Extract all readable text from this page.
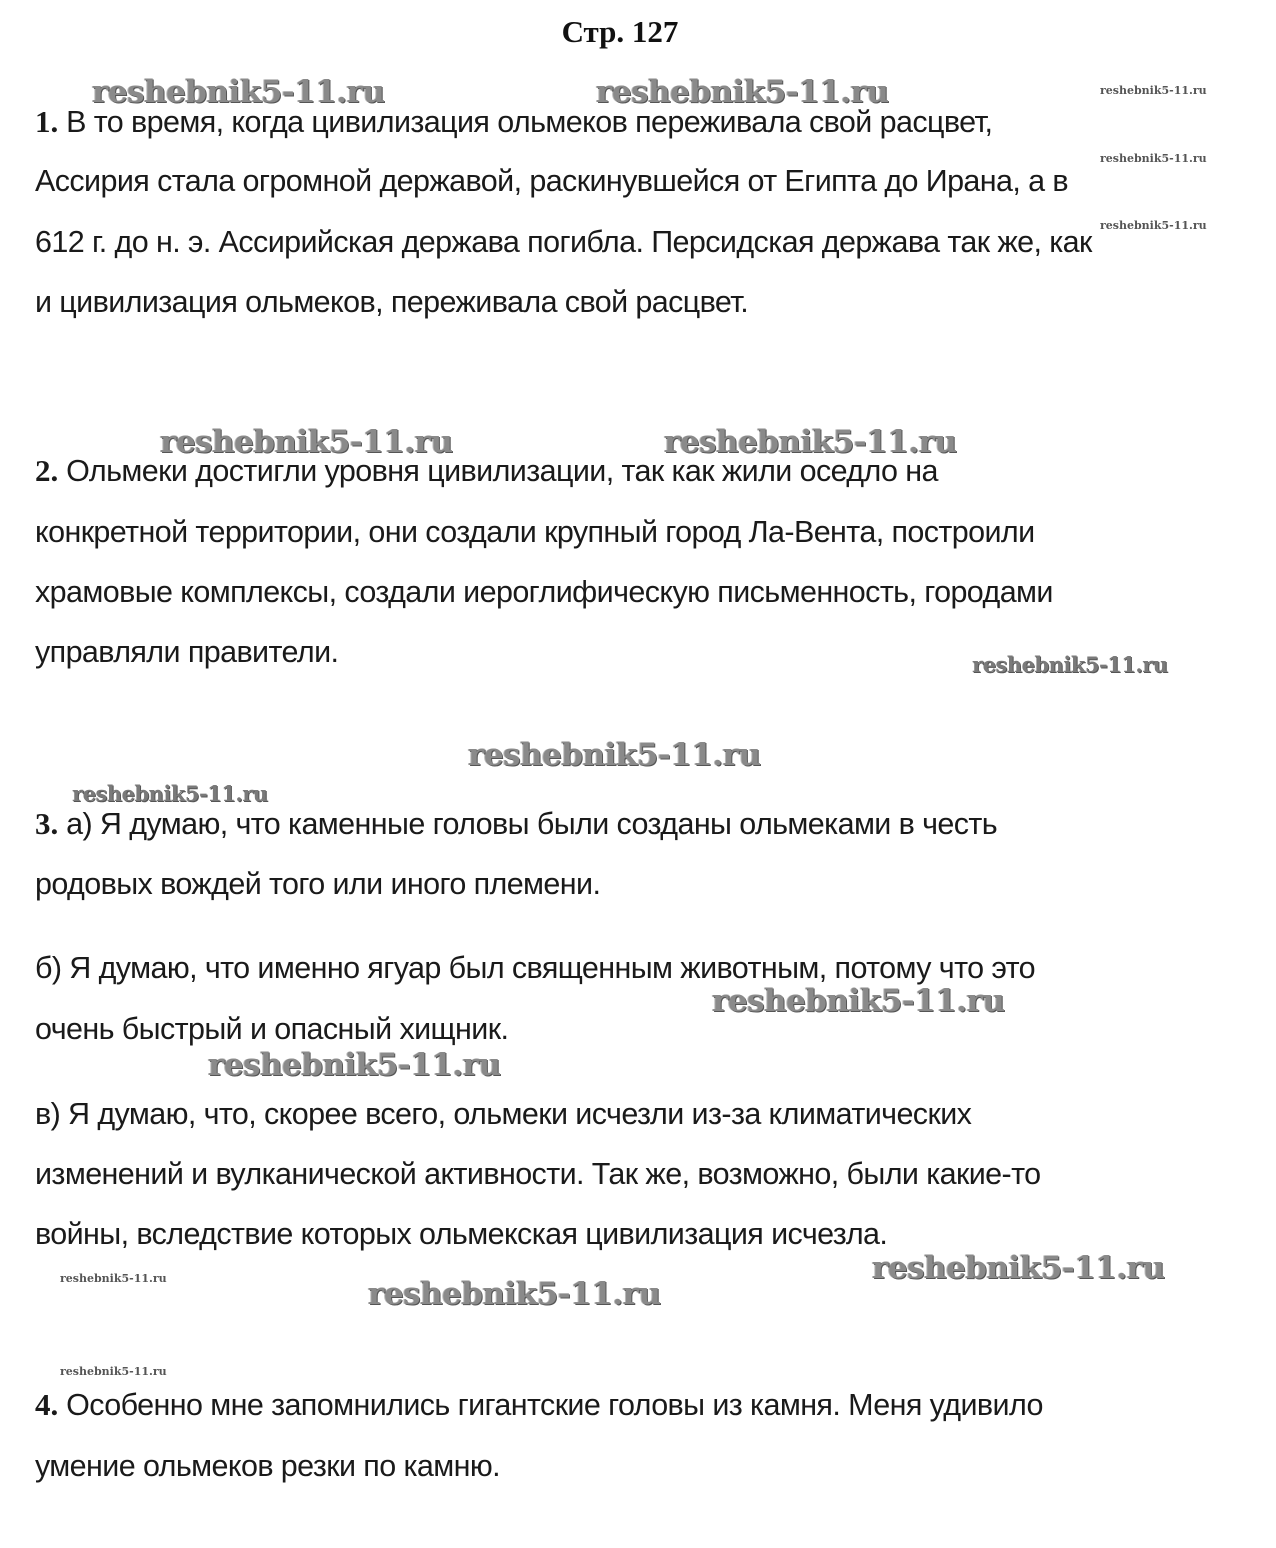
Стр. 127
1. В то время, когда цивилизация ольмеков переживала свой расцвет,
Ассирия стала огромной державой, раскинувшейся от Египта до Ирана, а в
612 г. до н. э. Ассирийская держава погибла. Персидская держава так же, как
и цивилизация ольмеков, переживала свой расцвет.
2. Ольмеки достигли уровня цивилизации, так как жили оседло на
конкретной территории, они создали крупный город Ла-Вента, построили
храмовые комплексы, создали иероглифическую письменность, городами
управляли правители.
3. а) Я думаю, что каменные головы были созданы ольмеками в честь
родовых вождей того или иного племени.
б) Я думаю, что именно ягуар был священным животным, потому что это
очень быстрый и опасный хищник.
в) Я думаю, что, скорее всего, ольмеки исчезли из-за климатических
изменений и вулканической активности. Так же, возможно, были какие-то
войны, вследствие которых ольмекская цивилизация исчезла.
4. Особенно мне запомнились гигантские головы из камня. Меня удивило
умение ольмеков резки по камню.
reshebnik5-11.ru	reshebnik5-11.ru	reshebnik5-11.ru
reshebnik5-11.ru
reshebnik5-11.ru
reshebnik5-11.ru	reshebnik5-11.ru
reshebnik5-11.ru
reshebnik5-11.ru
reshebnik5-11.ru
reshebnik5-11.ru
reshebnik5-11.ru
reshebnik5-11.ru
reshebnik5-11.ru	reshebnik5-11.ru
reshebnik5-11.ru
